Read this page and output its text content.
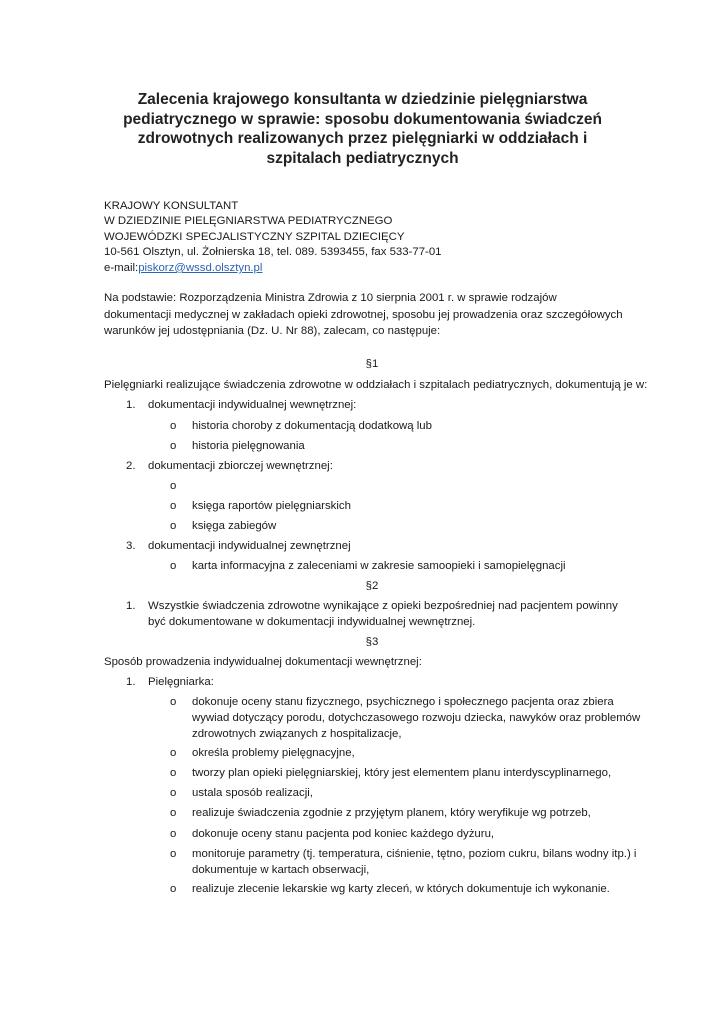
Zalecenia krajowego konsultanta w dziedzinie pielęgniarstwa pediatrycznego w sprawie: sposobu dokumentowania świadczeń zdrowotnych realizowanych przez pielęgniarki w oddziałach i szpitalach pediatrycznych
KRAJOWY KONSULTANT
W DZIEDZINIE PIELĘGNIARSTWA PEDIATRYCZNEGO
WOJEWÓDZKI SPECJALISTYCZNY SZPITAL DZIECIĘCY
10-561 Olsztyn, ul. Żołnierska 18, tel. 089. 5393455, fax 533-77-01
e-mail:piskorz@wssd.olsztyn.pl
Na podstawie: Rozporządzenia Ministra Zdrowia z 10 sierpnia 2001 r. w sprawie rodzajów dokumentacji medycznej w zakładach opieki zdrowotnej, sposobu jej prowadzenia oraz szczegółowych warunków jej udostępniania (Dz. U. Nr 88), zalecam, co następuje:
§1
Pielęgniarki realizujące świadczenia zdrowotne w oddziałach i szpitalach pediatrycznych, dokumentują je w:
1. dokumentacji indywidualnej wewnętrznej:
o historia choroby z dokumentacją dodatkową lub
o historia pielęgnowania
2. dokumentacji zbiorczej wewnętrznej:
o
o księga raportów pielęgniarskich
o księga zabiegów
3. dokumentacji indywidualnej zewnętrznej
o karta informacyjna z zaleceniami w zakresie samoopieki i samopielęgnacji
§2
1. Wszystkie świadczenia zdrowotne wynikające z opieki bezpośredniej nad pacjentem powinny być dokumentowane w dokumentacji indywidualnej wewnętrznej.
§3
Sposób prowadzenia indywidualnej dokumentacji wewnętrznej:
1. Pielęgniarka:
o dokonuje oceny stanu fizycznego, psychicznego i społecznego pacjenta oraz zbiera wywiad dotyczący porodu, dotychczasowego rozwoju dziecka, nawyków oraz problemów zdrowotnych związanych z hospitalizacje,
o określa problemy pielęgnacyjne,
o tworzy plan opieki pielęgniarskiej, który jest elementem planu interdyscyplinarnego,
o ustala sposób realizacji,
o realizuje świadczenia zgodnie z przyjętym planem, który weryfikuje wg potrzeb,
o dokonuje oceny stanu pacjenta pod koniec każdego dyżuru,
o monitoruje parametry (tj. temperatura, ciśnienie, tętno, poziom cukru, bilans wodny itp.) i dokumentuje w kartach obserwacji,
o realizuje zlecenie lekarskie wg karty zleceń, w których dokumentuje ich wykonanie.
